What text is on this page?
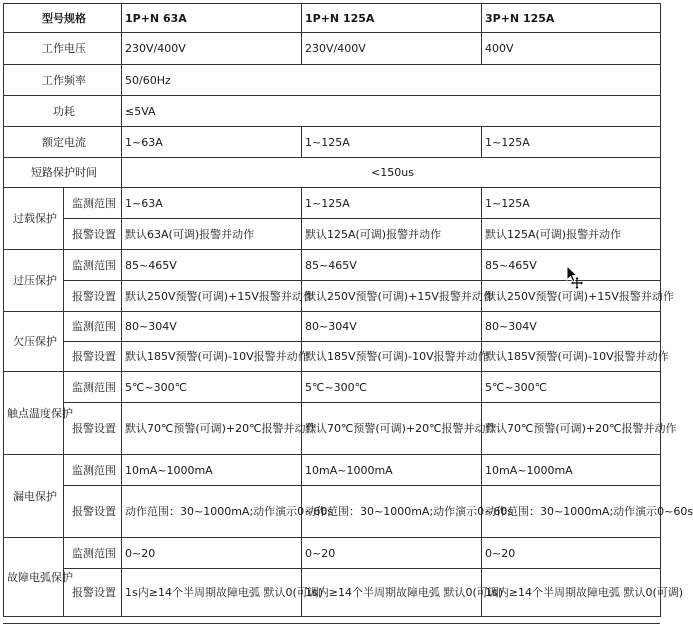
型号规格		1P+N 63A	1P+N 125A	3P+N 125A
工作电压		230V/400V	230V/400V	400V
工作频率		50/60Hz		
功耗		≤5VA		
额定电流		1~63A	1~125A	1~125A
短路保护时间		<150us		
过载保护	监测范围	1~63A	1~125A	1~125A
	报警设置	默认63A(可调)报警并动作	默认125A(可调)报警并动作	默认125A(可调)报警并动作
过压保护	监测范围	85~465V	85~465V	85~465V
	报警设置	默认250V预警(可调)+15V报警并动作	默认250V预警(可调)+15V报警并动作	默认250V预警(可调)+15V报警并动作
欠压保护	监测范围	80~304V	80~304V	80~304V
	报警设置	默认185V预警(可调)-10V报警并动作	默认185V预警(可调)-10V报警并动作	默认185V预警(可调)-10V报警并动作
触点温度保护	监测范围	5℃~300℃	5℃~300℃	5℃~300℃
	报警设置	默认70℃预警(可调)+20℃报警并动作	默认70℃预警(可调)+20℃报警并动作	默认70℃预警(可调)+20℃报警并动作
漏电保护	监测范围	10mA~1000mA	10mA~1000mA	10mA~1000mA
	报警设置	动作范围：30~1000mA;动作演示0~60s	动作范围：30~1000mA;动作演示0~60s	动作范围：30~1000mA;动作演示0~60s
故障电弧保护	监测范围	0~20	0~20	0~20
	报警设置	1s内≥14个半周期故障电弧 默认0(可调)	1s内≥14个半周期故障电弧 默认0(可调)	1s内≥14个半周期故障电弧 默认0(可调)
